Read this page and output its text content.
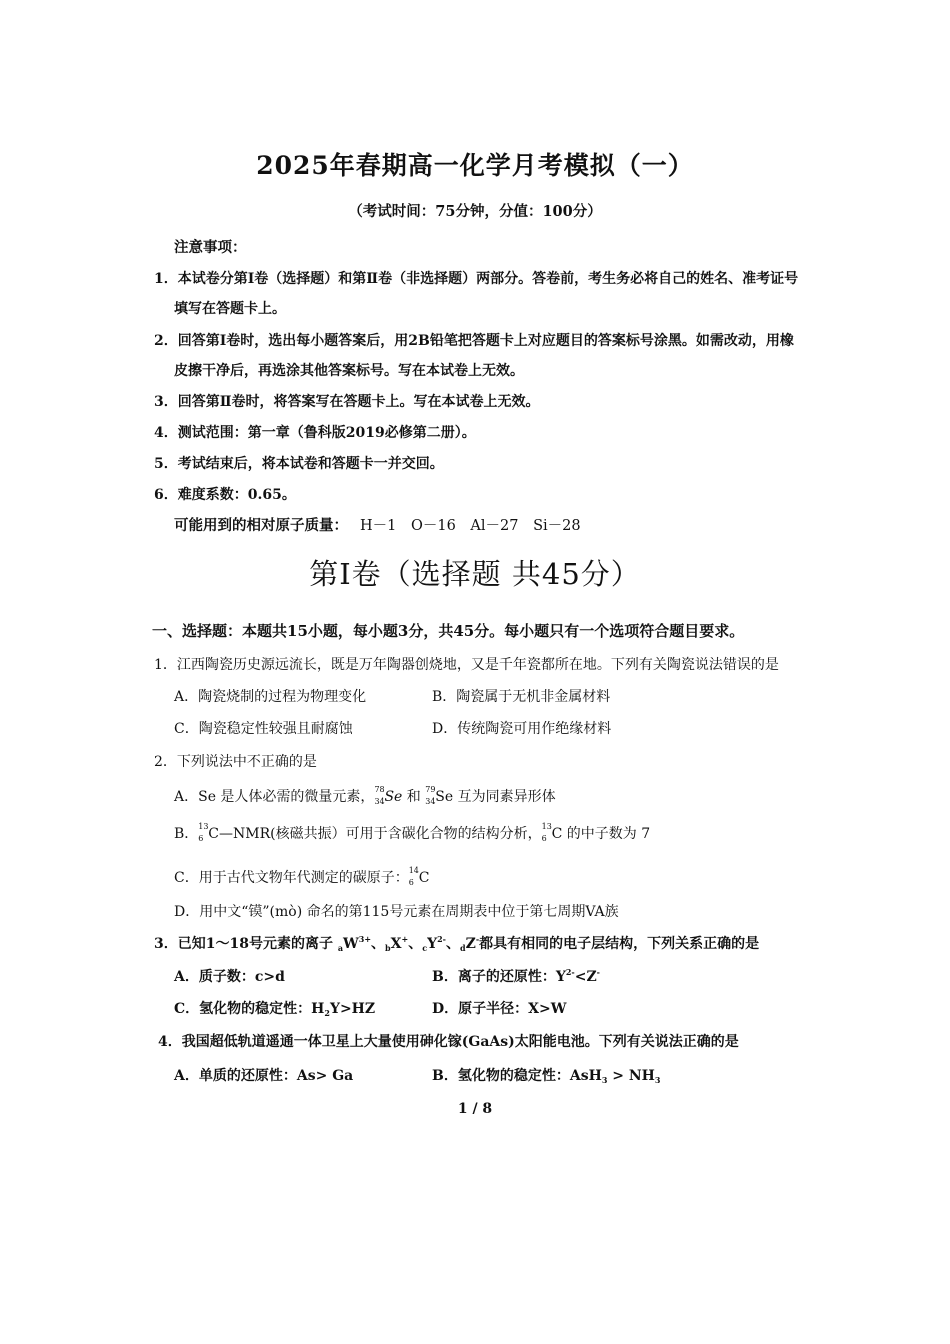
2025年春期高一化学月考模拟（一）
（考试时间：75分钟，分值：100分）
注意事项：
1．本试卷分第Ⅰ卷（选择题）和第Ⅱ卷（非选择题）两部分。答卷前，考生务必将自己的姓名、准考证号
填写在答题卡上。
2．回答第Ⅰ卷时，选出每小题答案后，用2B铅笔把答题卡上对应题目的答案标号涂黑。如需改动，用橡
皮擦干净后，再选涂其他答案标号。写在本试卷上无效。
3．回答第Ⅱ卷时，将答案写在答题卡上。写在本试卷上无效。
4．测试范围：第一章（鲁科版2019必修第二册）。
5．考试结束后，将本试卷和答题卡一并交回。
6．难度系数：0.65。
可能用到的相对原子质量： H－1 O－16 Al－27 Si－28
第Ⅰ卷（选择题 共45分）
一、选择题：本题共15小题，每小题3分，共45分。每小题只有一个选项符合题目要求。
1．江西陶瓷历史源远流长，既是万年陶器创烧地，又是千年瓷都所在地。下列有关陶瓷说法错误的是
A．陶瓷烧制的过程为物理变化	B．陶瓷属于无机非金属材料
C．陶瓷稳定性较强且耐腐蚀	D．传统陶瓷可用作绝缘材料
2．下列说法中不正确的是
A．Se 是人体必需的微量元素， 78
34 Se 和 79
34 Se 互为同素异形体
B． 13
6 C—NMR(核磁共振）可用于含碳化合物的结构分析， 13
6 C 的中子数为 7
C．用于古代文物年代测定的碳原子： 14
6 C
D．用中文“镆”(mò) 命名的第115号元素在周期表中位于第七周期VA族
3．已知1～18号元素的离子 $_aW^{3+}$、$_b$X+、$_cY^{2-}$、$_d$Z-都具有相同的电子层结构，下列关系正确的是
A．质子数：c>d	B．离子的还原性：$Y^{2-}<Z^-$
C．氢化物的稳定性：$H_2Y>HZ$	D．原子半径：X>W
4．我国超低轨道遥通一体卫星上大量使用砷化镓(GaAs)太阳能电池。下列有关说法正确的是
A．单质的还原性：As> Ga	B．氢化物的稳定性：$AsH_3 > NH_3$
1 / 8
